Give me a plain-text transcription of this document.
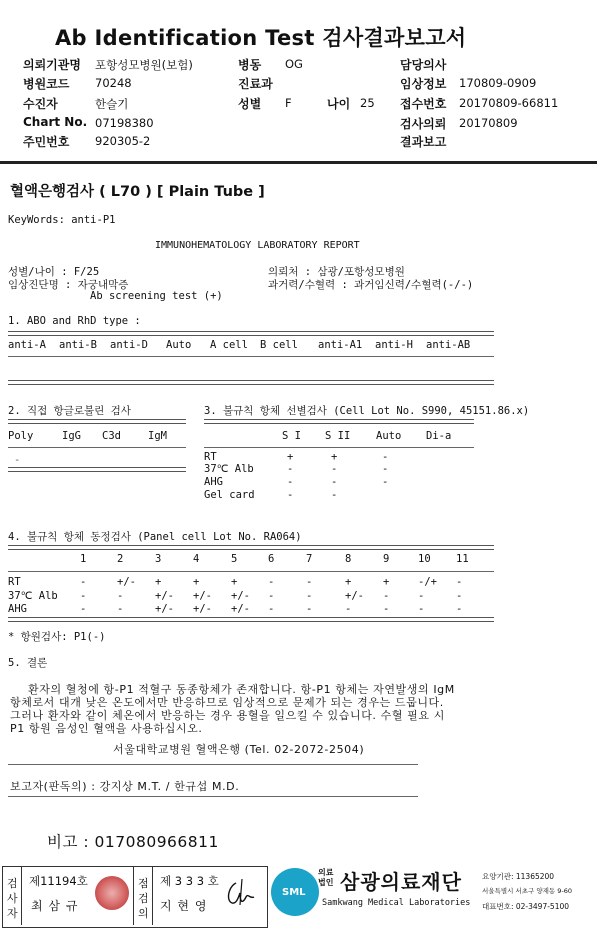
Ab Identification Test 검사결과보고서
의뢰기관명 포항성모병원(보험)
병원코드 70248
수진자	한슬기
Chart No. 07198380
주민번호 920305-2
병동 OG
진료과
성별 F	나이 25
담당의사
임상정보 170809-0909
접수번호 20170809-66811
검사의뢰 20170809
결과보고
혈액은행검사 ( L70 ) [ Plain Tube ]
KeyWords: anti-P1
IMMUNOHEMATOLOGY LABORATORY REPORT
성별/나이 : F/25
임상진단명 : 자궁내막증
Ab screening test (+)
의뢰처 : 삼광/포항성모병원
과거력/수혈력 : 과거임신력/수혈력(-/-)
1. ABO and RhD type :
anti-A anti-B anti-D Auto A cell B cell anti-A1 anti-H anti-AB
2. 직접 항글로불린 검사
Poly	IgG C3d	IgM
-
3. 불규칙 항체 선별검사 (Cell Lot No. S990, 45151.86.x)
S I S II Auto Di-a
RT	+	+	-
37℃ Alb	-	-	-
AHG	-	-	-
Gel card	-	-
4. 불규칙 항체 동정검사 (Panel cell Lot No. RA064)
1	2	3	4	5	6	7	8	9	10 11
RT	-	+/- +	+	+	-	-	+	+	-/+ -
37℃ Alb -	-	+/- +/- +/- -	-	+/- -	-	-
AHG	-	-	+/- +/- +/- -	-	-	-	-	-
* 항원검사: P1(-)
5. 결론
환자의 혈청에 항-P1 적혈구 동종항체가 존재합니다. 항-P1 항체는 자연발생의 IgM
항체로서 대개 낮은 온도에서만 반응하므로 임상적으로 문제가 되는 경우는 드뭅니다.
그러나 환자와 같이 체온에서 반응하는 경우 용혈을 일으킬 수 있습니다. 수혈 필요 시
P1 항원 음성인 혈액을 사용하십시오.
서울대학교병원 혈액은행 (Tel. 02-2072-2504)
보고자(판독의) : 강지상 M.T. / 한규섭 M.D.
비고 : 017080966811
검
사
자
제11194호
최 삼 규
점
검
의
제 3 3 3 호
지 현 영
SML
의료
법인 삼광의료재단
Samkwang Medical Laboratories
요양기관: 11365200
서울특별시 서초구 양재동 9-60
대표번호: 02-3497-5100
